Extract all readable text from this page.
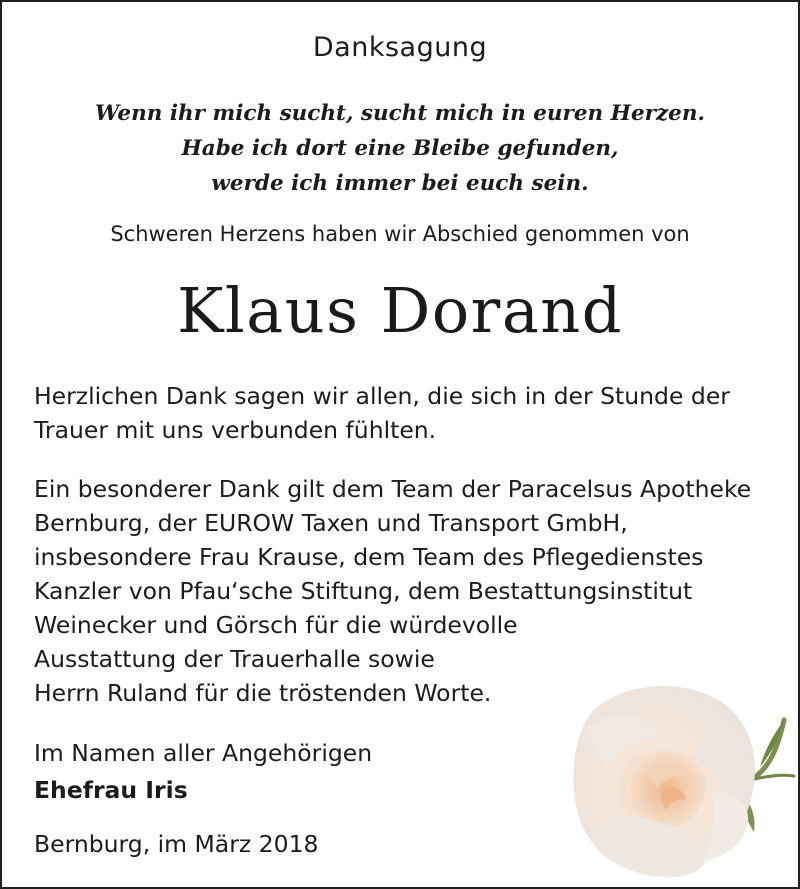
Danksagung
Wenn ihr mich sucht, sucht mich in euren Herzen.
Habe ich dort eine Bleibe gefunden,
werde ich immer bei euch sein.
Schweren Herzens haben wir Abschied genommen von
Klaus Dorand
Herzlichen Dank sagen wir allen, die sich in der Stunde der
Trauer mit uns verbunden fühlten.
Ein besonderer Dank gilt dem Team der Paracelsus Apotheke
Bernburg, der EUROW Taxen und Transport GmbH,
insbesondere Frau Krause, dem Team des Pflegedienstes
Kanzler von Pfau‘sche Stiftung, dem Bestattungsinstitut
Weinecker und Görsch für die würdevolle
Ausstattung der Trauerhalle sowie
Herrn Ruland für die tröstenden Worte.
Im Namen aller Angehörigen
Ehefrau Iris
Bernburg, im März 2018
